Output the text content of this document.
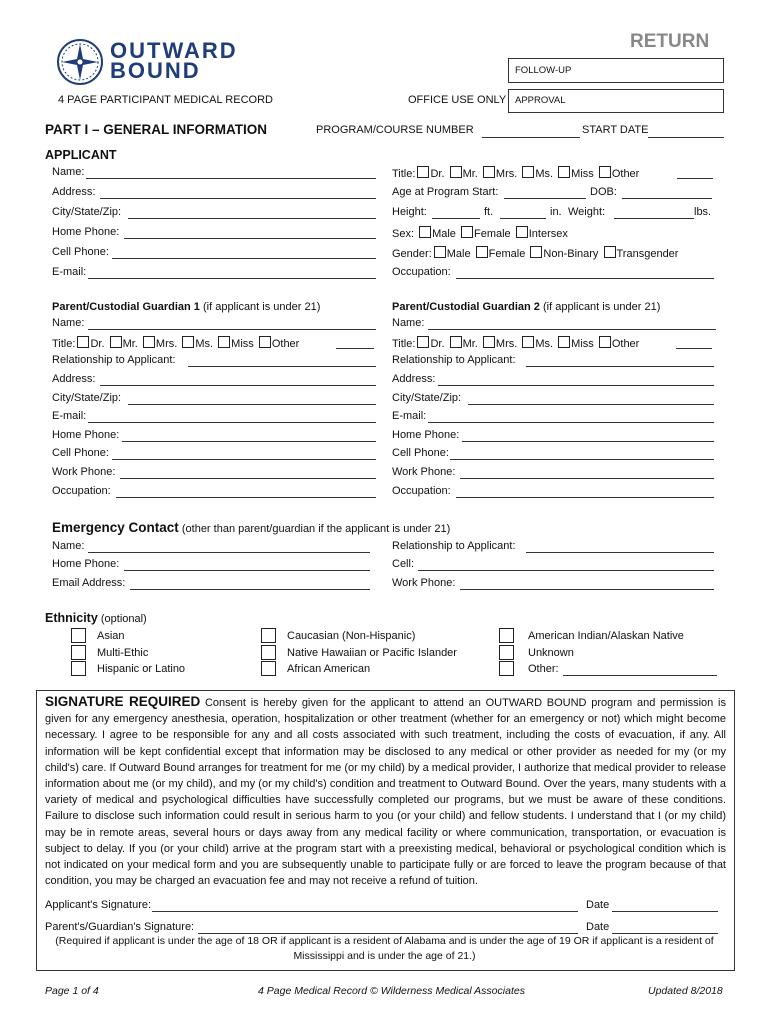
OUTWARD
BOUND
RETURN
FOLLOW-UP
APPROVAL
OFFICE USE ONLY
4 PAGE PARTICIPANT MEDICAL RECORD
PART I – GENERAL INFORMATION	PROGRAM/COURSE NUMBER	START DATE
APPLICANT
Name:
Address:
City/State/Zip:
Home Phone:
Cell Phone:
E-mail:
Title: Dr. Mr. Mrs. Ms. Miss Other
Age at Program Start:	DOB:
Height:	ft.	in. Weight:	lbs.
Sex: Male Female Intersex
Gender: Male Female Non-Binary Transgender
Occupation:
Parent/Custodial Guardian 1 (if applicant is under 21)
Name:
Title: Dr. Mr. Mrs. Ms. Miss Other
Relationship to Applicant:
Address:
City/State/Zip:
E-mail:
Home Phone:
Cell Phone:
Work Phone:
Occupation:
Parent/Custodial Guardian 2 (if applicant is under 21)
Name:
Title: Dr. Mr. Mrs. Ms. Miss Other
Relationship to Applicant:
Address:
City/State/Zip:
E-mail:
Home Phone:
Cell Phone:
Work Phone:
Occupation:
Emergency Contact (other than parent/guardian if the applicant is under 21)
Name:
Home Phone:
Email Address:
Relationship to Applicant:
Cell:
Work Phone:
Ethnicity (optional)
Asian
Multi-Ethic
Hispanic or Latino
Caucasian (Non-Hispanic)
Native Hawaiian or Pacific Islander
African American
American Indian/Alaskan Native
Unknown
Other:
SIGNATURE REQUIRED Consent is hereby given for the applicant to attend an OUTWARD BOUND program and permission is given for any emergency anesthesia, operation, hospitalization or other treatment (whether for an emergency or not) which might become necessary. I agree to be responsible for any and all costs associated with such treatment, including the costs of evacuation, if any. All information will be kept confidential except that information may be disclosed to any medical or other provider as needed for my (or my child's) care. If Outward Bound arranges for treatment for me (or my child) by a medical provider, I authorize that medical provider to release information about me (or my child), and my (or my child's) condition and treatment to Outward Bound. Over the years, many students with a variety of medical and psychological difficulties have successfully completed our programs, but we must be aware of these conditions. Failure to disclose such information could result in serious harm to you (or your child) and fellow students. I understand that I (or my child) may be in remote areas, several hours or days away from any medical facility or where communication, transportation, or evacuation is subject to delay. If you (or your child) arrive at the program start with a preexisting medical, behavioral or psychological condition which is not indicated on your medical form and you are subsequently unable to participate fully or are forced to leave the program because of that condition, you may be charged an evacuation fee and may not receive a refund of tuition.
Applicant's Signature:	Date
Parent's/Guardian's Signature:	Date
(Required if applicant is under the age of 18 OR if applicant is a resident of Alabama and is under the age of 19 OR if applicant is a resident of
Mississippi and is under the age of 21.)
Page 1 of 4	4 Page Medical Record © Wilderness Medical Associates	Updated 8/2018
